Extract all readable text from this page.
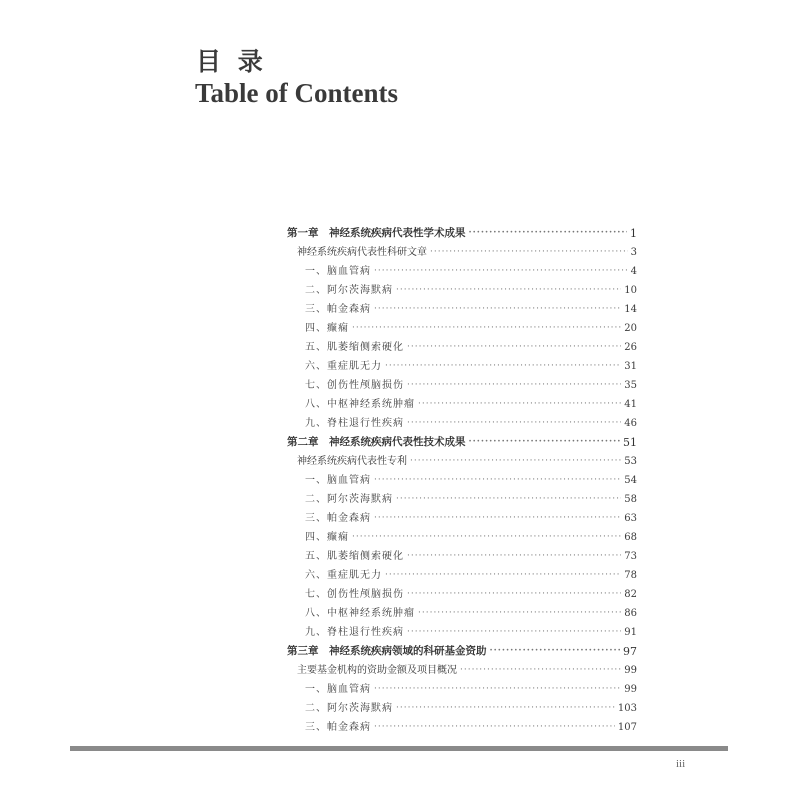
目 录
Table of Contents
第一章　神经系统疾病代表性学术成果 ·····	1
神经系统疾病代表性科研文章 ·····	3
一、脑血管病 ·····	4
二、阿尔茨海默病 ·····	10
三、帕金森病 ·····	14
四、癫痫 ·····	20
五、肌萎缩侧索硬化 ·····	26
六、重症肌无力 ·····	31
七、创伤性颅脑损伤 ·····	35
八、中枢神经系统肿瘤 ·····	41
九、脊柱退行性疾病 ·····	46
第二章　神经系统疾病代表性技术成果 ·····	51
神经系统疾病代表性专利 ·····	53
一、脑血管病 ·····	54
二、阿尔茨海默病 ·····	58
三、帕金森病 ·····	63
四、癫痫 ·····	68
五、肌萎缩侧索硬化 ·····	73
六、重症肌无力 ·····	78
七、创伤性颅脑损伤 ·····	82
八、中枢神经系统肿瘤 ·····	86
九、脊柱退行性疾病 ·····	91
第三章　神经系统疾病领域的科研基金资助 ·····	97
主要基金机构的资助金额及项目概况 ·····	99
一、脑血管病 ·····	99
二、阿尔茨海默病 ·····	103
三、帕金森病 ·····	107
iii
